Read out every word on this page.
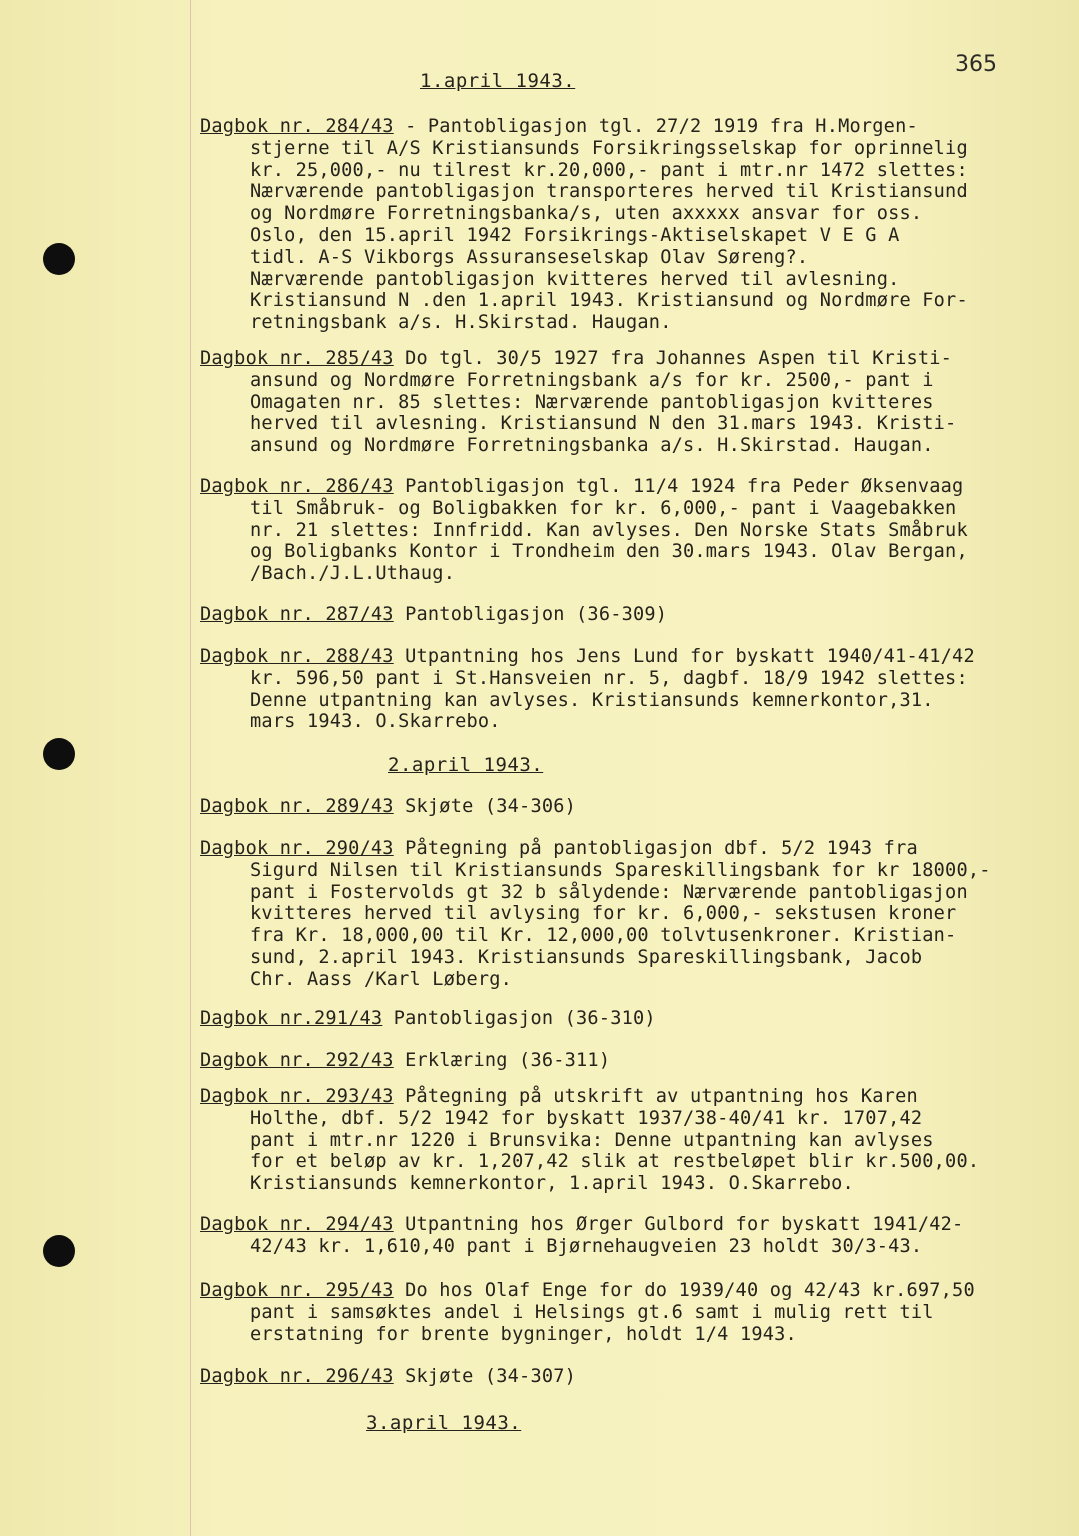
365
1.april 1943.
Dagbok nr. 284/43 - Pantobligasjon tgl. 27/2 1919 fra H.Morgen-
stjerne til A/S Kristiansunds Forsikringsselskap for oprinnelig
kr. 25,000,- nu tilrest kr.20,000,- pant i mtr.nr 1472 slettes:
Nærværende pantobligasjon transporteres herved til Kristiansund
og Nordmøre Forretningsbanka/s, uten axxxxx ansvar for oss.
Oslo, den 15.april 1942 Forsikrings-Aktiselskapet V E G A
tidl. A-S Vikborgs Assuranseselskap Olav Søreng?.
Nærværende pantobligasjon kvitteres herved til avlesning.
Kristiansund N .den 1.april 1943. Kristiansund og Nordmøre For-
retningsbank a/s. H.Skirstad. Haugan.
Dagbok nr. 285/43 Do tgl. 30/5 1927 fra Johannes Aspen til Kristi-
ansund og Nordmøre Forretningsbank a/s for kr. 2500,- pant i
Omagaten nr. 85 slettes: Nærværende pantobligasjon kvitteres
herved til avlesning. Kristiansund N den 31.mars 1943. Kristi-
ansund og Nordmøre Forretningsbanka a/s. H.Skirstad. Haugan.
Dagbok nr. 286/43 Pantobligasjon tgl. 11/4 1924 fra Peder Øksenvaag
til Småbruk- og Boligbakken for kr. 6,000,- pant i Vaagebakken
nr. 21 slettes: Innfridd. Kan avlyses. Den Norske Stats Småbruk
og Boligbanks Kontor i Trondheim den 30.mars 1943. Olav Bergan,
/Bach./J.L.Uthaug.
Dagbok nr. 287/43 Pantobligasjon (36-309)
Dagbok nr. 288/43 Utpantning hos Jens Lund for byskatt 1940/41-41/42
kr. 596,50 pant i St.Hansveien nr. 5, dagbf. 18/9 1942 slettes:
Denne utpantning kan avlyses. Kristiansunds kemnerkontor,31.
mars 1943. O.Skarrebo.
2.april 1943.
Dagbok nr. 289/43 Skjøte (34-306)
Dagbok nr. 290/43 Påtegning på pantobligasjon dbf. 5/2 1943 fra
Sigurd Nilsen til Kristiansunds Spareskillingsbank for kr 18000,-
pant i Fostervolds gt 32 b sålydende: Nærværende pantobligasjon
kvitteres herved til avlysing for kr. 6,000,- sekstusen kroner
fra Kr. 18,000,00 til Kr. 12,000,00 tolvtusenkroner. Kristian-
sund, 2.april 1943. Kristiansunds Spareskillingsbank, Jacob
Chr. Aass /Karl Løberg.
Dagbok nr.291/43 Pantobligasjon (36-310)
Dagbok nr. 292/43 Erklæring (36-311)
Dagbok nr. 293/43 Påtegning på utskrift av utpantning hos Karen
Holthe, dbf. 5/2 1942 for byskatt 1937/38-40/41 kr. 1707,42
pant i mtr.nr 1220 i Brunsvika: Denne utpantning kan avlyses
for et beløp av kr. 1,207,42 slik at restbeløpet blir kr.500,00.
Kristiansunds kemnerkontor, 1.april 1943. O.Skarrebo.
Dagbok nr. 294/43 Utpantning hos Ørger Gulbord for byskatt 1941/42-
42/43 kr. 1,610,40 pant i Bjørnehaugveien 23 holdt 30/3-43.
Dagbok nr. 295/43 Do hos Olaf Enge for do 1939/40 og 42/43 kr.697,50
pant i samsøktes andel i Helsings gt.6 samt i mulig rett til
erstatning for brente bygninger, holdt 1/4 1943.
Dagbok nr. 296/43 Skjøte (34-307)
3.april 1943.
